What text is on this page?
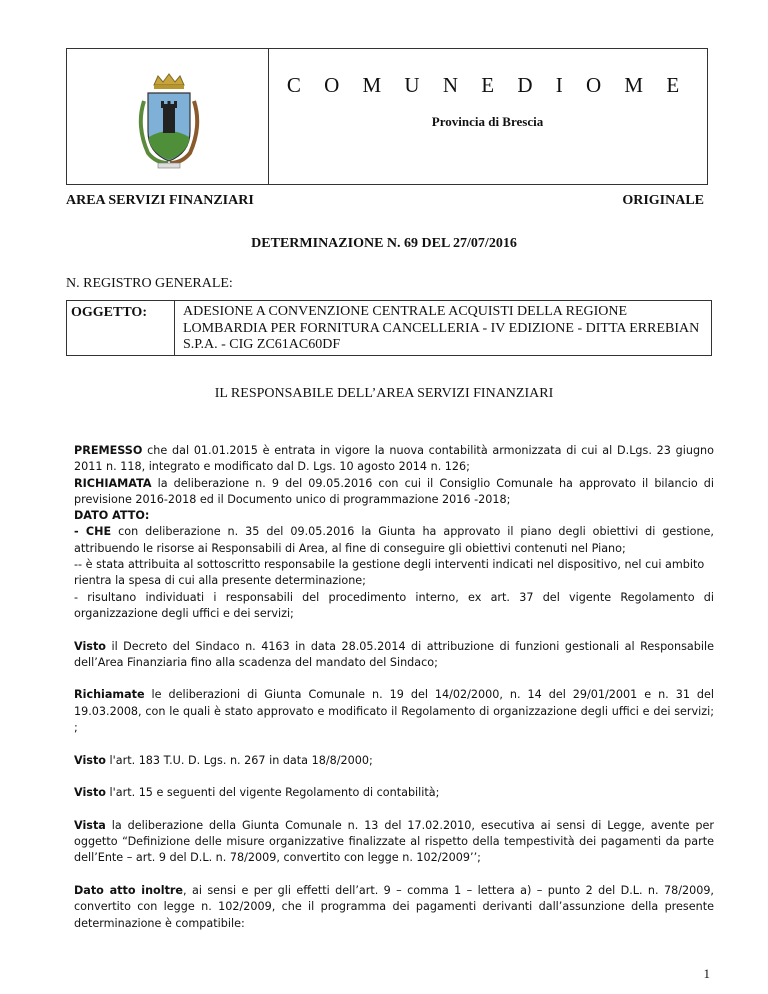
C O M U N E D I O M E
Provincia di Brescia
AREA SERVIZI FINANZIARI	ORIGINALE
DETERMINAZIONE N. 69 DEL 27/07/2016
N. REGISTRO GENERALE:
OGGETTO:	ADESIONE A CONVENZIONE CENTRALE ACQUISTI DELLA REGIONE LOMBARDIA PER FORNITURA CANCELLERIA - IV EDIZIONE - DITTA ERREBIAN S.P.A. - CIG ZC61AC60DF
IL RESPONSABILE DELL’AREA SERVIZI FINANZIARI

PREMESSO che dal 01.01.2015 è entrata in vigore la nuova contabilità armonizzata di cui al D.Lgs. 23 giugno 2011 n. 118, integrato e modificato dal D. Lgs. 10 agosto 2014 n. 126;

RICHIAMATA la deliberazione n. 9 del 09.05.2016 con cui il Consiglio Comunale ha approvato il bilancio di previsione 2016-2018 ed il Documento unico di programmazione 2016 -2018;

DATO ATTO:

- CHE con deliberazione n. 35 del 09.05.2016 la Giunta ha approvato il piano degli obiettivi di gestione, attribuendo le risorse ai Responsabili di Area, al fine di conseguire gli obiettivi contenuti nel Piano;

-- è stata attribuita al sottoscritto responsabile la gestione degli interventi indicati nel dispositivo, nel cui ambito rientra la spesa di cui alla presente determinazione;

- risultano individuati i responsabili del procedimento interno, ex art. 37 del vigente Regolamento di organizzazione degli uffici e dei servizi;

Visto il Decreto del Sindaco n. 4163 in data 28.05.2014 di attribuzione di funzioni gestionali al Responsabile dell’Area Finanziaria fino alla scadenza del mandato del Sindaco;

Richiamate le deliberazioni di Giunta Comunale n. 19 del 14/02/2000, n. 14 del 29/01/2001 e n. 31 del 19.03.2008, con le quali è stato approvato e modificato il Regolamento di organizzazione degli uffici e dei servizi; ;

Visto l'art. 183 T.U. D. Lgs. n. 267 in data 18/8/2000;

Visto l'art. 15 e seguenti del vigente Regolamento di contabilità;

Vista la deliberazione della Giunta Comunale n. 13 del 17.02.2010, esecutiva ai sensi di Legge, avente per oggetto “Definizione delle misure organizzative finalizzate al rispetto della tempestività dei pagamenti da parte dell’Ente – art. 9 del D.L. n. 78/2009, convertito con legge n. 102/2009’’;

Dato atto inoltre, ai sensi e per gli effetti dell’art. 9 – comma 1 – lettera a) – punto 2 del D.L. n. 78/2009, convertito con legge n. 102/2009, che il programma dei pagamenti derivanti dall’assunzione della presente determinazione è compatibile:

1
